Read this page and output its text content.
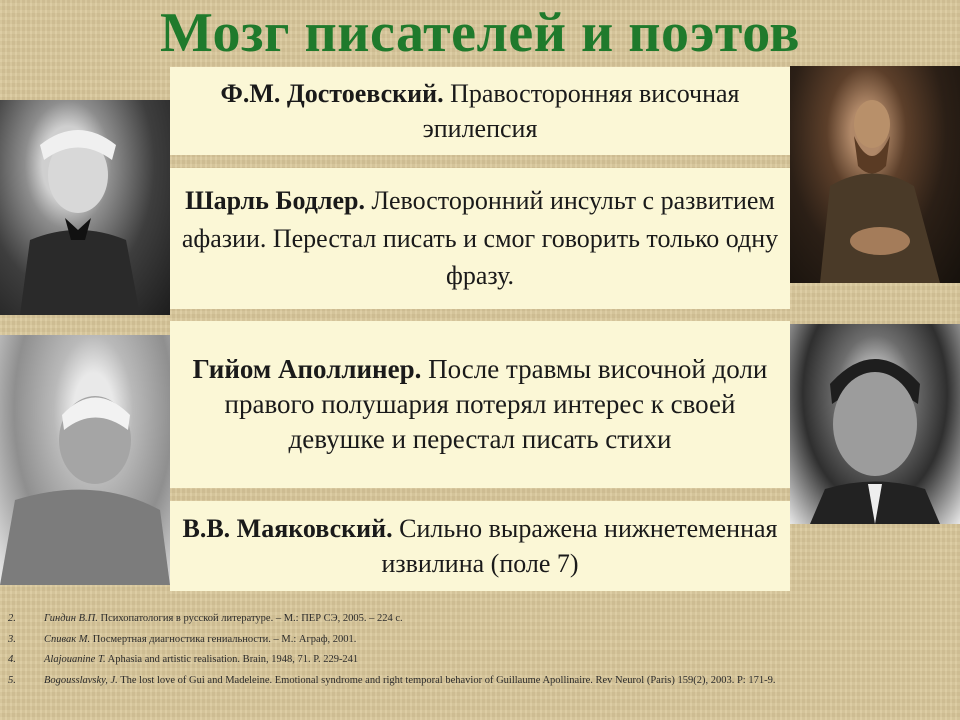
Мозг писателей и поэтов
Ф.М. Достоевский. Правосторонняя височная эпилепсия
Шарль Бодлер. Левосторонний инсульт с развитием афазии. Перестал писать и смог говорить только одну фразу.
Гийом Аполлинер. После травмы височной доли правого полушария потерял интерес к своей девушке и перестал писать стихи
В.В. Маяковский. Сильно выражена нижнетеменная извилина (поле 7)
2.	Гиндин В.П. Психопатология в русской литературе. – М.: ПЕР СЭ, 2005. – 224 с.
3.	Спивак М. Посмертная диагностика гениальности. – М.: Аграф, 2001.
4.	Alajouanine T. Aphasia and artistic realisation. Brain, 1948, 71. P. 229-241
5.	Bogousslavsky, J. The lost love of Gui and Madeleine. Emotional syndrome and right temporal behavior of Guillaume Apollinaire. Rev Neurol (Paris) 159(2), 2003. P: 171-9.
